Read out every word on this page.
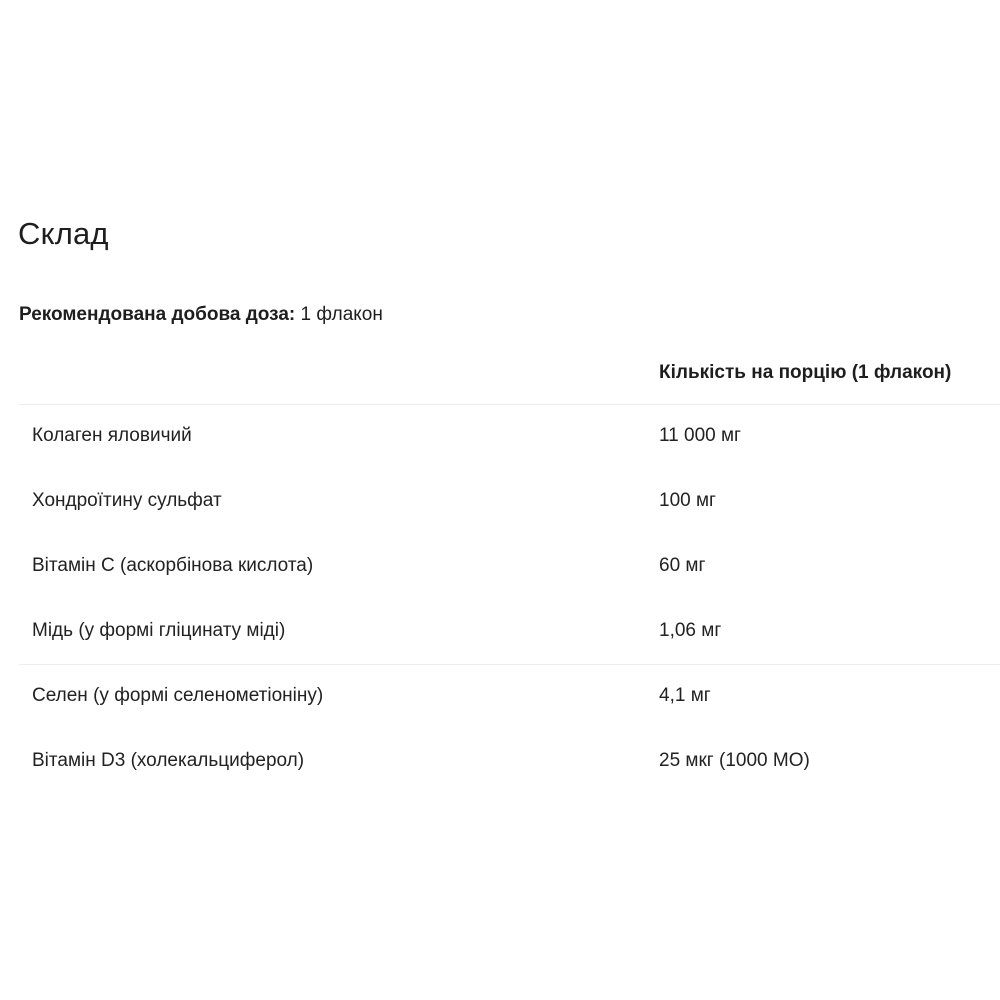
Склад
Рекомендована добова доза: 1 флакон
Кількість на порцію (1 флакон)
Колаген яловичий	11 000 мг
Хондроїтину сульфат	100 мг
Вітамін С (аскорбінова кислота)	60 мг
Мідь (у формі гліцинату міді)	1,06 мг
Селен (у формі селенометіоніну)	4,1 мг
Вітамін D3 (холекальциферол)	25 мкг (1000 МО)
